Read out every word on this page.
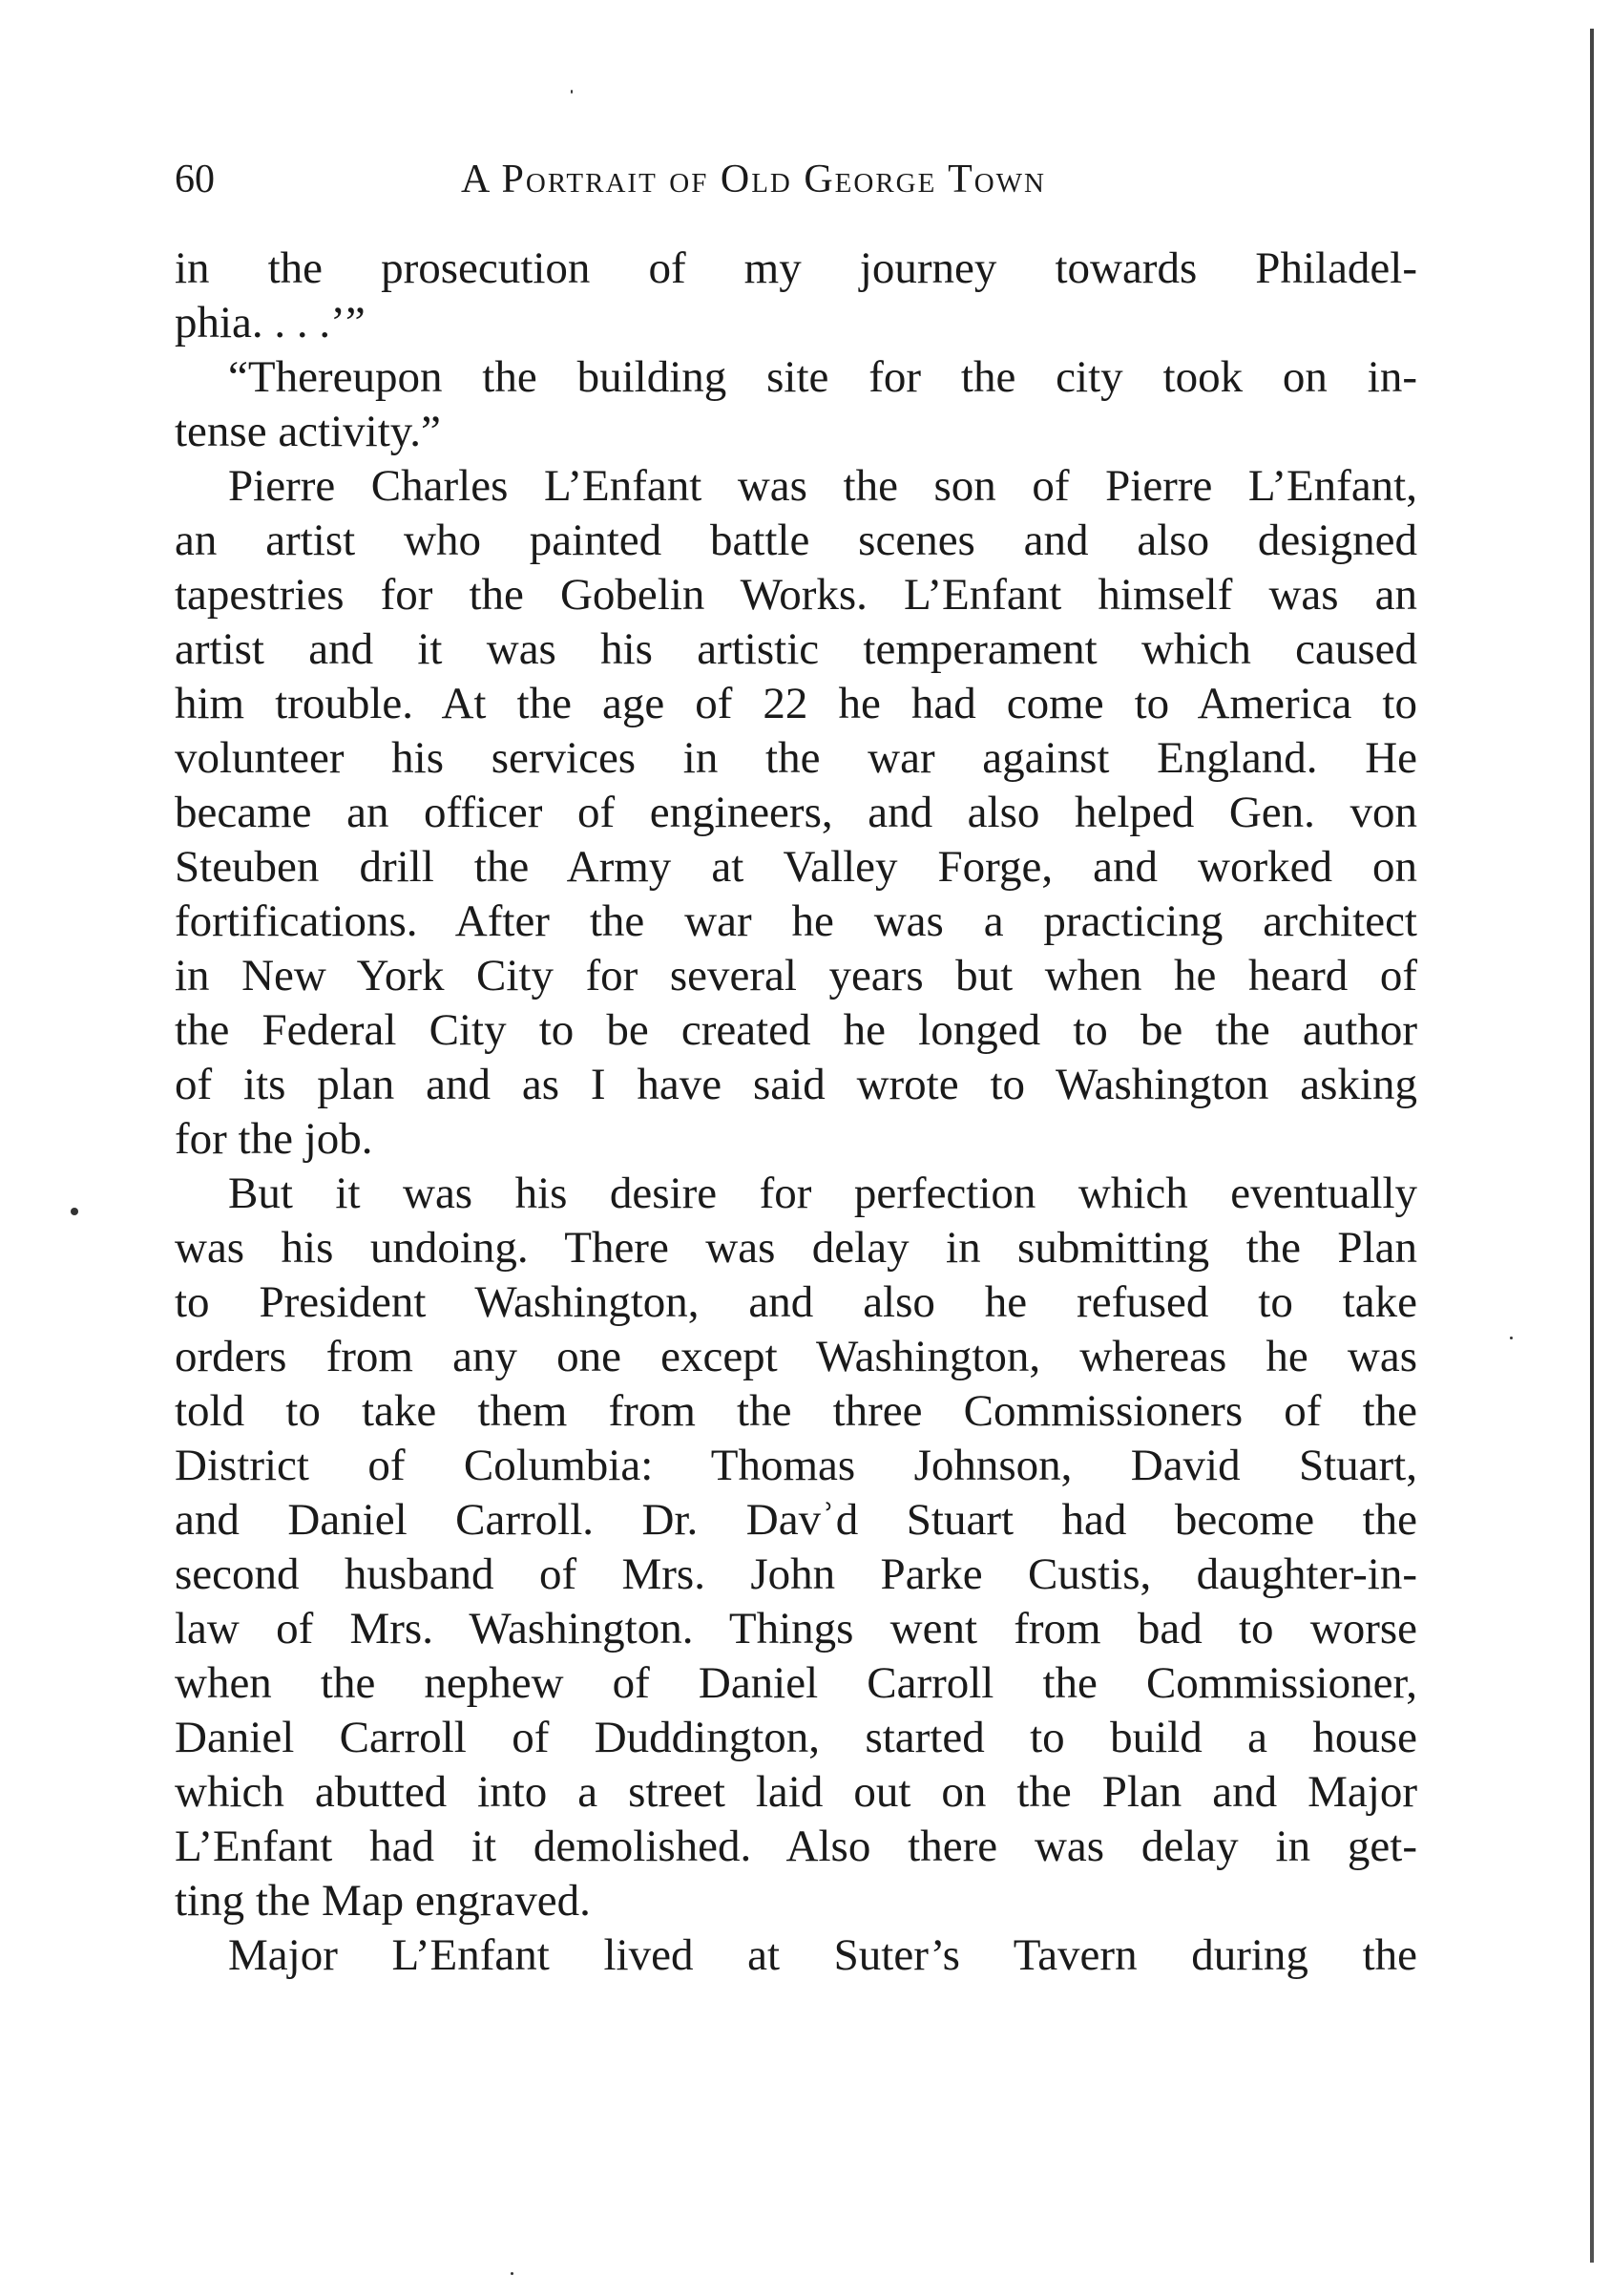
60	A Portrait of Old George Town
in the prosecution of my journey towards Philadel-
phia. . . .’”
“Thereupon the building site for the city took on in-
tense activity.”
Pierre Charles L’Enfant was the son of Pierre L’Enfant,
an artist who painted battle scenes and also designed
tapestries for the Gobelin Works. L’Enfant himself was an
artist and it was his artistic temperament which caused
him trouble. At the age of 22 he had come to America to
volunteer his services in the war against England. He
became an officer of engineers, and also helped Gen. von
Steuben drill the Army at Valley Forge, and worked on
fortifications. After the war he was a practicing architect
in New York City for several years but when he heard of
the Federal City to be created he longed to be the author
of its plan and as I have said wrote to Washington asking
for the job.
But it was his desire for perfection which eventually
was his undoing. There was delay in submitting the Plan
to President Washington, and also he refused to take
orders from any one except Washington, whereas he was
told to take them from the three Commissioners of the
District of Columbia: Thomas Johnson, David Stuart,
and Daniel Carroll. Dr. Davʾd Stuart had become the
second husband of Mrs. John Parke Custis, daughter-in-
law of Mrs. Washington. Things went from bad to worse
when the nephew of Daniel Carroll the Commissioner,
Daniel Carroll of Duddington, started to build a house
which abutted into a street laid out on the Plan and Major
L’Enfant had it demolished. Also there was delay in get-
ting the Map engraved.
Major L’Enfant lived at Suter’s Tavern during the
